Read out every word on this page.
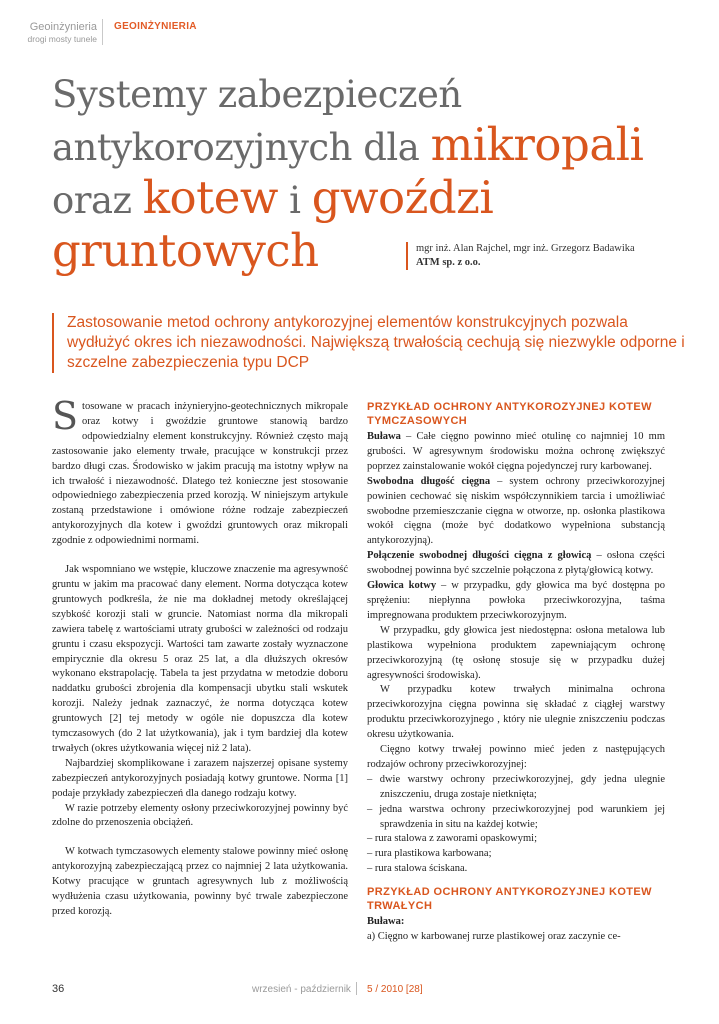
Geoinżynieria
drogi mosty tunele
GEOINŻYNIERIA
Systemy zabezpieczeń
antykorozyjnych dla mikropali
oraz kotew i gwoździ
gruntowych	mgr inż. Alan Rajchel, mgr inż. Grzegorz Badawika
ATM sp. z o.o.
Zastosowanie metod ochrony antykorozyjnej elementów konstrukcyjnych pozwala wydłużyć okres ich niezawodności. Największą trwałością cechują się niezwykle odporne i szczelne zabezpieczenia typu DCP

Stosowane w pracach inżynieryjno-geotechnicznych mikropale oraz kotwy i gwoździe gruntowe stanowią bardzo odpowiedzialny element konstrukcyjny. Również często mają zastosowanie jako elementy trwałe, pracujące w konstrukcji przez bardzo długi czas. Środowisko w jakim pracują ma istotny wpływ na ich trwałość i niezawodność. Dlatego też konieczne jest stosowanie odpowiedniego zabezpieczenia przed korozją. W niniejszym artykule zostaną przedstawione i omówione różne rodzaje zabezpieczeń antykorozyjnych dla kotew i gwoździ gruntowych oraz mikropali zgodnie z odpowiednimi normami.

Jak wspomniano we wstępie, kluczowe znaczenie ma agresywność gruntu w jakim ma pracować dany element. Norma dotycząca kotew gruntowych podkreśla, że nie ma dokładnej metody określającej szybkość korozji stali w gruncie. Natomiast norma dla mikropali zawiera tabelę z wartościami utraty grubości w zależności od rodzaju gruntu i czasu ekspozycji. Wartości tam zawarte zostały wyznaczone empirycznie dla okresu 5 oraz 25 lat, a dla dłuższych okresów wykonano ekstrapolację. Tabela ta jest przydatna w metodzie doboru naddatku grubości zbrojenia dla kompensacji ubytku stali wskutek korozji. Należy jednak zaznaczyć, że norma dotycząca kotew gruntowych [2] tej metody w ogóle nie dopuszcza dla kotew tymczasowych (do 2 lat użytkowania), jak i tym bardziej dla kotew trwałych (okres użytkowania więcej niż 2 lata).

Najbardziej skomplikowane i zarazem najszerzej opisane systemy zabezpieczeń antykorozyjnych posiadają kotwy gruntowe. Norma [1] podaje przykłady zabezpieczeń dla danego rodzaju kotwy.

W razie potrzeby elementy osłony przeciwkorozyjnej powinny być zdolne do przenoszenia obciążeń.

W kotwach tymczasowych elementy stalowe powinny mieć osłonę antykorozyjną zabezpieczającą przez co najmniej 2 lata użytkowania. Kotwy pracujące w gruntach agresywnych lub z możliwością wydłużenia czasu użytkowania, powinny być trwale zabezpieczone przed korozją.

PRZYKŁAD OCHRONY ANTYKOROZYJNEJ KOTEW TYMCZASOWYCH

Buława – Całe cięgno powinno mieć otulinę co najmniej 10 mm grubości. W agresywnym środowisku można ochronę zwiększyć poprzez zainstalowanie wokół cięgna pojedynczej rury karbowanej.

Swobodna długość cięgna – system ochrony przeciwkorozyjnej powinien cechować się niskim współczynnikiem tarcia i umożliwiać swobodne przemieszczanie cięgna w otworze, np. osłonka plastikowa wokół cięgna (może być dodatkowo wypełniona substancją antykorozyjną).

Połączenie swobodnej długości cięgna z głowicą – osłona części swobodnej powinna być szczelnie połączona z płytą/głowicą kotwy.

Głowica kotwy – w przypadku, gdy głowica ma być dostępna po sprężeniu: niepłynna powłoka przeciwkorozyjna, taśma impregnowana produktem przeciwkorozyjnym.

W przypadku, gdy głowica jest niedostępna: osłona metalowa lub plastikowa wypełniona produktem zapewniającym ochronę przeciwkorozyjną (tę osłonę stosuje się w przypadku dużej agresywności środowiska).

W przypadku kotew trwałych minimalna ochrona przeciwkorozyjna cięgna powinna się składać z ciągłej warstwy produktu przeciwkorozyjnego , który nie ulegnie zniszczeniu podczas okresu użytkowania.

Cięgno kotwy trwałej powinno mieć jeden z następujących rodzajów ochrony przeciwkorozyjnej:

– dwie warstwy ochrony przeciwkorozyjnej, gdy jedna ulegnie zniszczeniu, druga zostaje nietknięta;
– jedna warstwa ochrony przeciwkorozyjnej pod warunkiem jej sprawdzenia in situ na każdej kotwie;
– rura stalowa z zaworami opaskowymi;
– rura plastikowa karbowana;
– rura stalowa ściskana.
PRZYKŁAD OCHRONY ANTYKOROZYJNEJ KOTEW TRWAŁYCH

Buława:

a) Cięgno w karbowanej rurze plastikowej oraz zaczynie ce-

36	wrzesień - październik 5 / 2010 [28]
